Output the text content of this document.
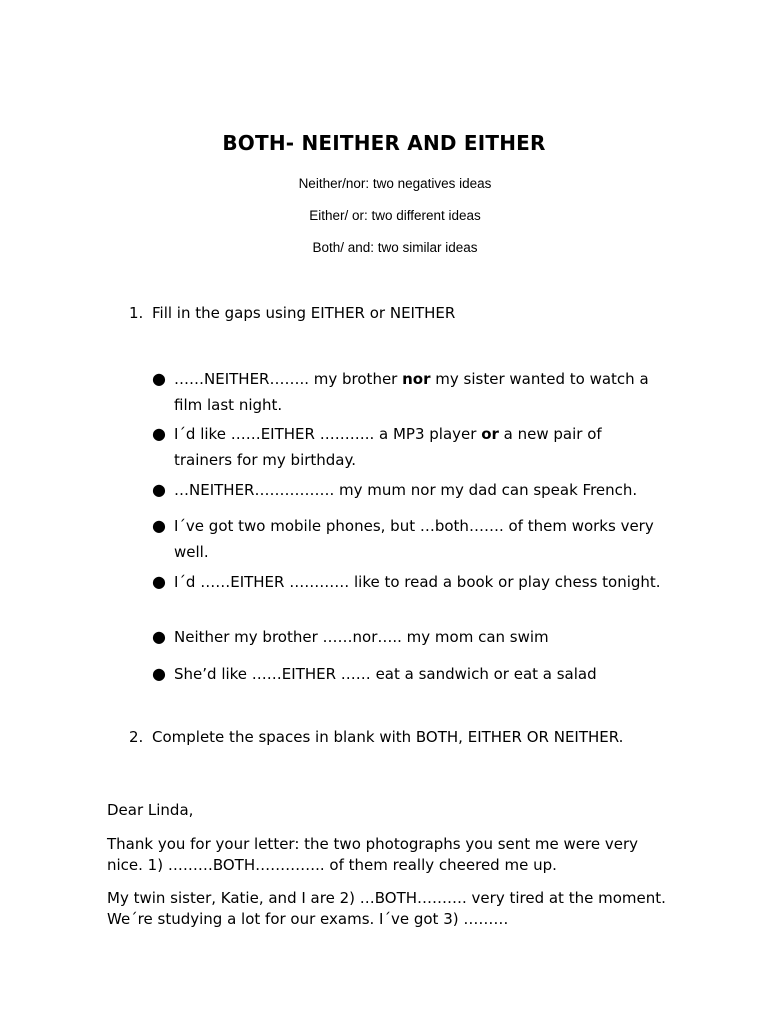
BOTH- NEITHER AND EITHER
Neither/nor: two negatives ideas
Either/ or: two different ideas
Both/ and: two similar ideas
1. Fill in the gaps using EITHER or NEITHER
● ……NEITHER…….. my brother nor my sister wanted to watch a film last night.
● I´d like ……EITHER ……….. a MP3 player or a new pair of trainers for my birthday.
● …NEITHER……………. my mum nor my dad can speak French.
● I´ve got two mobile phones, but …both……. of them works very well.
● I´d ……EITHER ………… like to read a book or play chess tonight.
● Neither my brother ……nor….. my mom can swim
● She’d like ……EITHER …… eat a sandwich or eat a salad
2. Complete the spaces in blank with BOTH, EITHER OR NEITHER.
Dear Linda,
Thank you for your letter: the two photographs you sent me were very nice. 1) ………BOTH………….. of them really cheered me up.
My twin sister, Katie, and I are 2) …BOTH………. very tired at the moment. We´re studying a lot for our exams. I´ve got 3) ………
